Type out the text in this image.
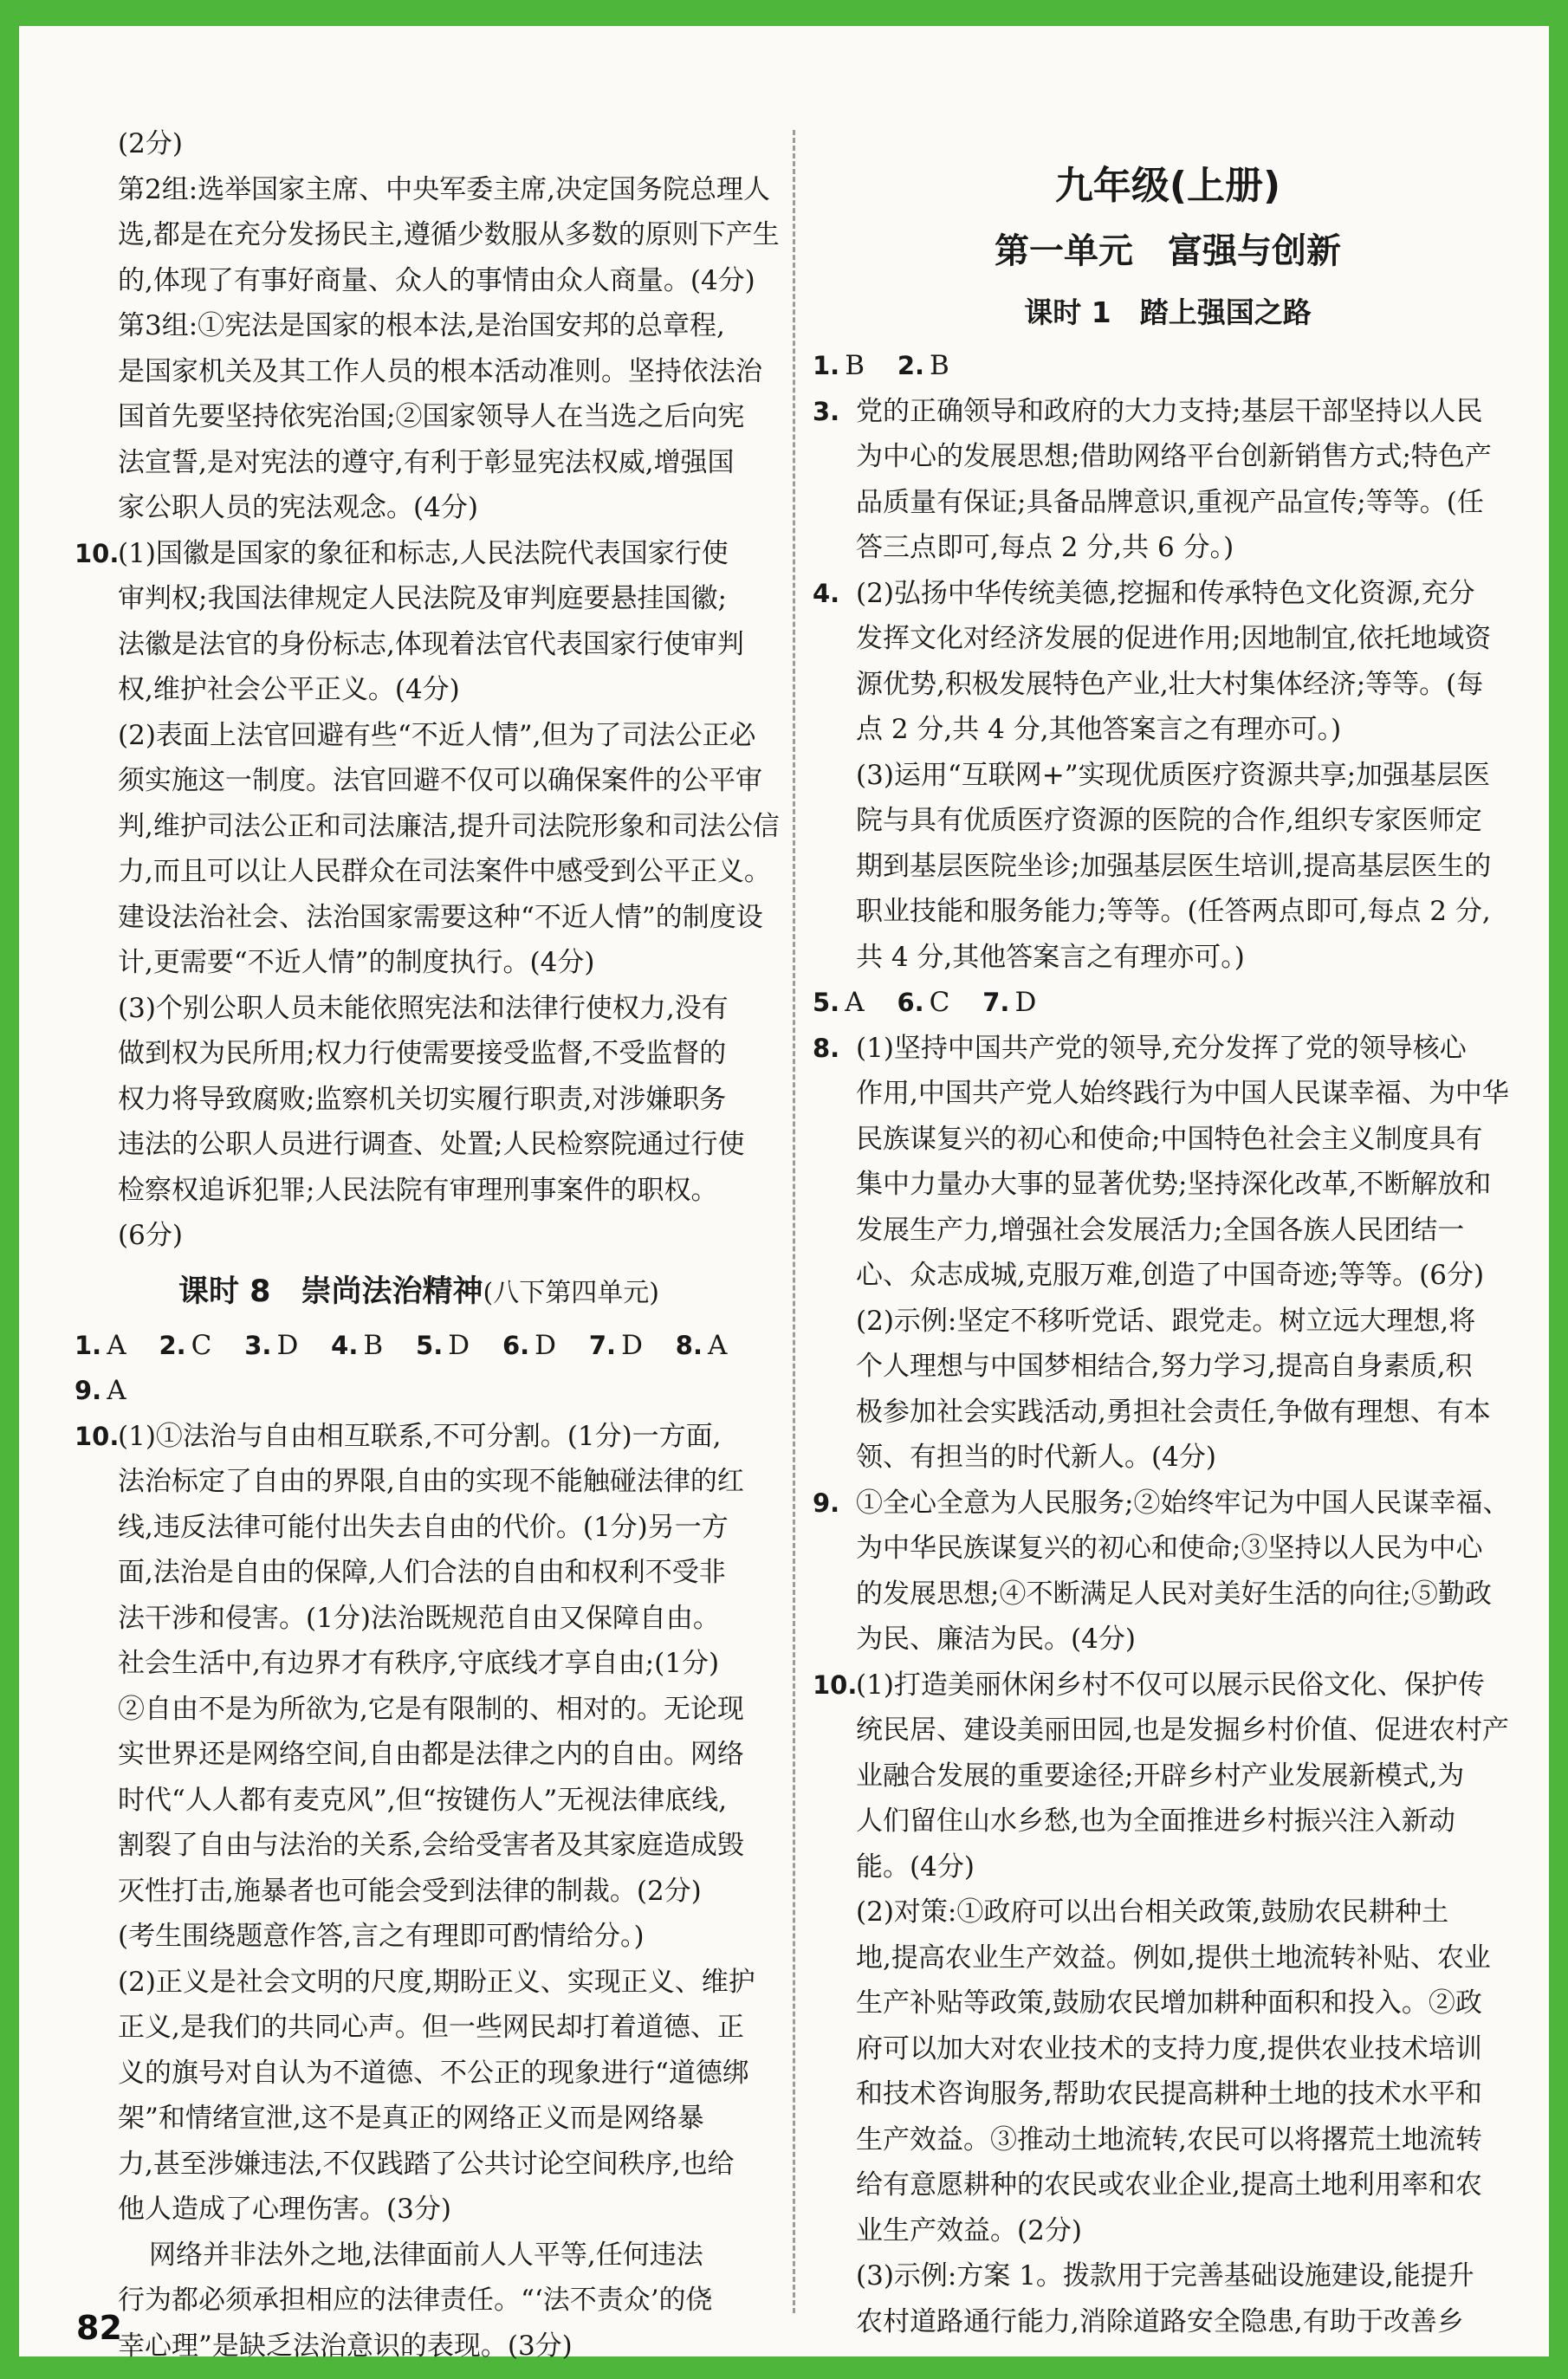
(2分)

第2组:选举国家主席、中央军委主席,决定国务院总理人

选,都是在充分发扬民主,遵循少数服从多数的原则下产生

的,体现了有事好商量、众人的事情由众人商量。(4分)

第3组:①宪法是国家的根本法,是治国安邦的总章程,

是国家机关及其工作人员的根本活动准则。坚持依法治

国首先要坚持依宪治国;②国家领导人在当选之后向宪

法宣誓,是对宪法的遵守,有利于彰显宪法权威,增强国

家公职人员的宪法观念。(4分)

10.

(1)国徽是国家的象征和标志,人民法院代表国家行使

审判权;我国法律规定人民法院及审判庭要悬挂国徽;

法徽是法官的身份标志,体现着法官代表国家行使审判

权,维护社会公平正义。(4分)

(2)表面上法官回避有些“不近人情”,但为了司法公正必

须实施这一制度。法官回避不仅可以确保案件的公平审

判,维护司法公正和司法廉洁,提升司法院形象和司法公信

力,而且可以让人民群众在司法案件中感受到公平正义。

建设法治社会、法治国家需要这种“不近人情”的制度设

计,更需要“不近人情”的制度执行。(4分)

(3)个别公职人员未能依照宪法和法律行使权力,没有

做到权为民所用;权力行使需要接受监督,不受监督的

权力将导致腐败;监察机关切实履行职责,对涉嫌职务

违法的公职人员进行调查、处置;人民检察院通过行使

检察权追诉犯罪;人民法院有审理刑事案件的职权。

(6分)

课时 8　崇尚法治精神(八下第四单元)

1. A 2. C 3. D 4. B 5. D 6. D 7. D 8. A

9. A

10.

(1)①法治与自由相互联系,不可分割。(1分)一方面,

法治标定了自由的界限,自由的实现不能触碰法律的红

线,违反法律可能付出失去自由的代价。(1分)另一方

面,法治是自由的保障,人们合法的自由和权利不受非

法干涉和侵害。(1分)法治既规范自由又保障自由。

社会生活中,有边界才有秩序,守底线才享自由;(1分)

②自由不是为所欲为,它是有限制的、相对的。无论现

实世界还是网络空间,自由都是法律之内的自由。网络

时代“人人都有麦克风”,但“按键伤人”无视法律底线,

割裂了自由与法治的关系,会给受害者及其家庭造成毁

灭性打击,施暴者也可能会受到法律的制裁。(2分)

(考生围绕题意作答,言之有理即可酌情给分。)

(2)正义是社会文明的尺度,期盼正义、实现正义、维护

正义,是我们的共同心声。但一些网民却打着道德、正

义的旗号对自认为不道德、不公正的现象进行“道德绑

架”和情绪宣泄,这不是真正的网络正义而是网络暴

力,甚至涉嫌违法,不仅践踏了公共讨论空间秩序,也给

他人造成了心理伤害。(3分)

网络并非法外之地,法律面前人人平等,任何违法

行为都必须承担相应的法律责任。“‘法不责众’的侥

幸心理”是缺乏法治意识的表现。(3分)

九年级(上册)

第一单元　富强与创新

课时 1　踏上强国之路

1. B 2. B

3. 党的正确领导和政府的大力支持;基层干部坚持以人民

为中心的发展思想;借助网络平台创新销售方式;特色产

品质量有保证;具备品牌意识,重视产品宣传;等等。(任

答三点即可,每点 2 分,共 6 分。)

4. (2)弘扬中华传统美德,挖掘和传承特色文化资源,充分

发挥文化对经济发展的促进作用;因地制宜,依托地域资

源优势,积极发展特色产业,壮大村集体经济;等等。(每

点 2 分,共 4 分,其他答案言之有理亦可。)

(3)运用“互联网+”实现优质医疗资源共享;加强基层医

院与具有优质医疗资源的医院的合作,组织专家医师定

期到基层医院坐诊;加强基层医生培训,提高基层医生的

职业技能和服务能力;等等。(任答两点即可,每点 2 分,

共 4 分,其他答案言之有理亦可。)

5. A 6. C 7. D

8. (1)坚持中国共产党的领导,充分发挥了党的领导核心

作用,中国共产党人始终践行为中国人民谋幸福、为中华

民族谋复兴的初心和使命;中国特色社会主义制度具有

集中力量办大事的显著优势;坚持深化改革,不断解放和

发展生产力,增强社会发展活力;全国各族人民团结一

心、众志成城,克服万难,创造了中国奇迹;等等。(6分)

(2)示例:坚定不移听党话、跟党走。树立远大理想,将

个人理想与中国梦相结合,努力学习,提高自身素质,积

极参加社会实践活动,勇担社会责任,争做有理想、有本

领、有担当的时代新人。(4分)

9. ①全心全意为人民服务;②始终牢记为中国人民谋幸福、

为中华民族谋复兴的初心和使命;③坚持以人民为中心

的发展思想;④不断满足人民对美好生活的向往;⑤勤政

为民、廉洁为民。(4分)

10.

(1)打造美丽休闲乡村不仅可以展示民俗文化、保护传

统民居、建设美丽田园,也是发掘乡村价值、促进农村产

业融合发展的重要途径;开辟乡村产业发展新模式,为

人们留住山水乡愁,也为全面推进乡村振兴注入新动

能。(4分)

(2)对策:①政府可以出台相关政策,鼓励农民耕种土

地,提高农业生产效益。例如,提供土地流转补贴、农业

生产补贴等政策,鼓励农民增加耕种面积和投入。②政

府可以加大对农业技术的支持力度,提供农业技术培训

和技术咨询服务,帮助农民提高耕种土地的技术水平和

生产效益。③推动土地流转,农民可以将撂荒土地流转

给有意愿耕种的农民或农业企业,提高土地利用率和农

业生产效益。(2分)

(3)示例:方案 1。拨款用于完善基础设施建设,能提升

农村道路通行能力,消除道路安全隐患,有助于改善乡

82
